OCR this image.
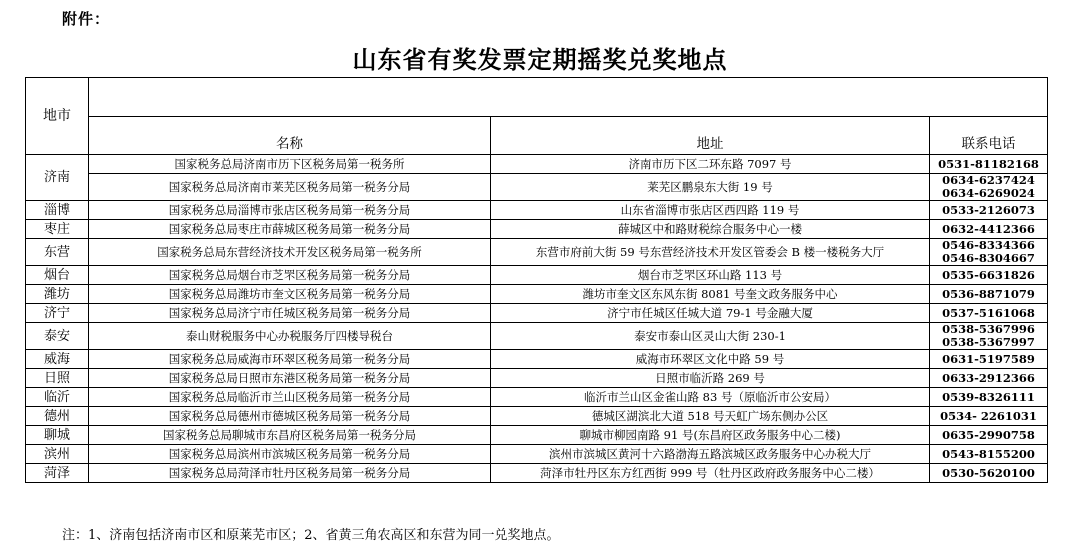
附件：
山东省有奖发票定期摇奖兑奖地点
地市			
	名称	地址	联系电话
济南	国家税务总局济南市历下区税务局第一税务所	济南市历下区二环东路 7097 号	0531-81182168

	国家税务总局济南市莱芜区税务局第一税务分局	莱芜区鹏泉东大街 19 号	0634-6237424
0634-6269024

淄博	国家税务总局淄博市张店区税务局第一税务分局	山东省淄博市张店区西四路 119 号	0533-2126073

枣庄	国家税务总局枣庄市薛城区税务局第一税务分局	薛城区中和路财税综合服务中心一楼	0632-4412366

东营	国家税务总局东营经济技术开发区税务局第一税务所	东营市府前大街 59 号东营经济技术开发区管委会 B 楼一楼税务大厅	0546-8334366
0546-8304667

烟台	国家税务总局烟台市芝罘区税务局第一税务分局	烟台市芝罘区环山路 113 号	0535-6631826

潍坊	国家税务总局潍坊市奎文区税务局第一税务分局	潍坊市奎文区东风东街 8081 号奎文政务服务中心	0536-8871079

济宁	国家税务总局济宁市任城区税务局第一税务分局	济宁市任城区任城大道 79-1 号金融大厦	0537-5161068

泰安	泰山财税服务中心办税服务厅四楼导税台	泰安市泰山区灵山大街 230-1	0538-5367996
0538-5367997

威海	国家税务总局威海市环翠区税务局第一税务分局	威海市环翠区文化中路 59 号	0631-5197589

日照	国家税务总局日照市东港区税务局第一税务分局	日照市临沂路 269 号	0633-2912366

临沂	国家税务总局临沂市兰山区税务局第一税务分局	临沂市兰山区金雀山路 83 号（原临沂市公安局）	0539-8326111

德州	国家税务总局德州市德城区税务局第一税务分局	德城区湖滨北大道 518 号天虹广场东侧办公区	0534- 2261031

聊城	国家税务总局聊城市东昌府区税务局第一税务分局	聊城市柳园南路 91 号(东昌府区政务服务中心二楼)	0635-2990758

滨州	国家税务总局滨州市滨城区税务局第一税务分局	滨州市滨城区黄河十六路渤海五路滨城区政务服务中心办税大厅	0543-8155200

菏泽	国家税务总局菏泽市牡丹区税务局第一税务分局	菏泽市牡丹区东方红西街 999 号（牡丹区政府政务服务中心二楼）	0530-5620100
注：1、济南包括济南市区和原莱芜市区；2、省黄三角农高区和东营为同一兑奖地点。
